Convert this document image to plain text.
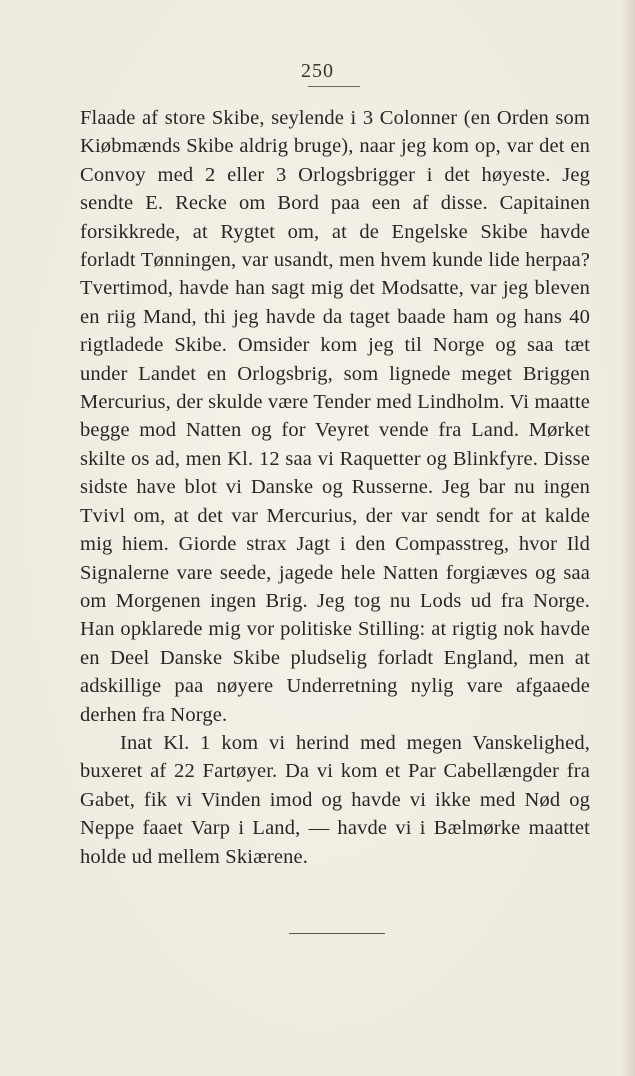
250

Flaade af store Skibe, seylende i 3 Colonner (en Orden som Kiøbmænds Skibe aldrig bruge), naar jeg kom op, var det en Convoy med 2 eller 3 Orlogsbrigger i det høyeste. Jeg sendte E. Recke om Bord paa een af disse. Capitainen forsikkrede, at Rygtet om, at de Engelske Skibe havde forladt Tønningen, var usandt, men hvem kunde lide herpaa? Tvertimod, havde han sagt mig det Modsatte, var jeg bleven en riig Mand, thi jeg havde da taget baade ham og hans 40 rigtladede Skibe. Omsider kom jeg til Norge og saa tæt under Landet en Orlogsbrig, som lignede meget Briggen Mercurius, der skulde være Tender med Lindholm. Vi maatte begge mod Natten og for Veyret vende fra Land. Mørket skilte os ad, men Kl. 12 saa vi Raquetter og Blinkfyre. Disse sidste have blot vi Danske og Russerne. Jeg bar nu ingen Tvivl om, at det var Mercurius, der var sendt for at kalde mig hiem. Giorde strax Jagt i den Compasstreg, hvor Ild Signalerne vare seede, jagede hele Natten forgiæves og saa om Morgenen ingen Brig. Jeg tog nu Lods ud fra Norge. Han opklarede mig vor politiske Stilling: at rigtig nok havde en Deel Danske Skibe pludselig forladt England, men at adskillige paa nøyere Underretning nylig vare afgaaede derhen fra Norge.

Inat Kl. 1 kom vi herind med megen Vanskelighed, buxeret af 22 Fartøyer. Da vi kom et Par Cabellængder fra Gabet, fik vi Vinden imod og havde vi ikke med Nød og Neppe faaet Varp i Land, — havde vi i Bælmørke maattet holde ud mellem Skiærene.
